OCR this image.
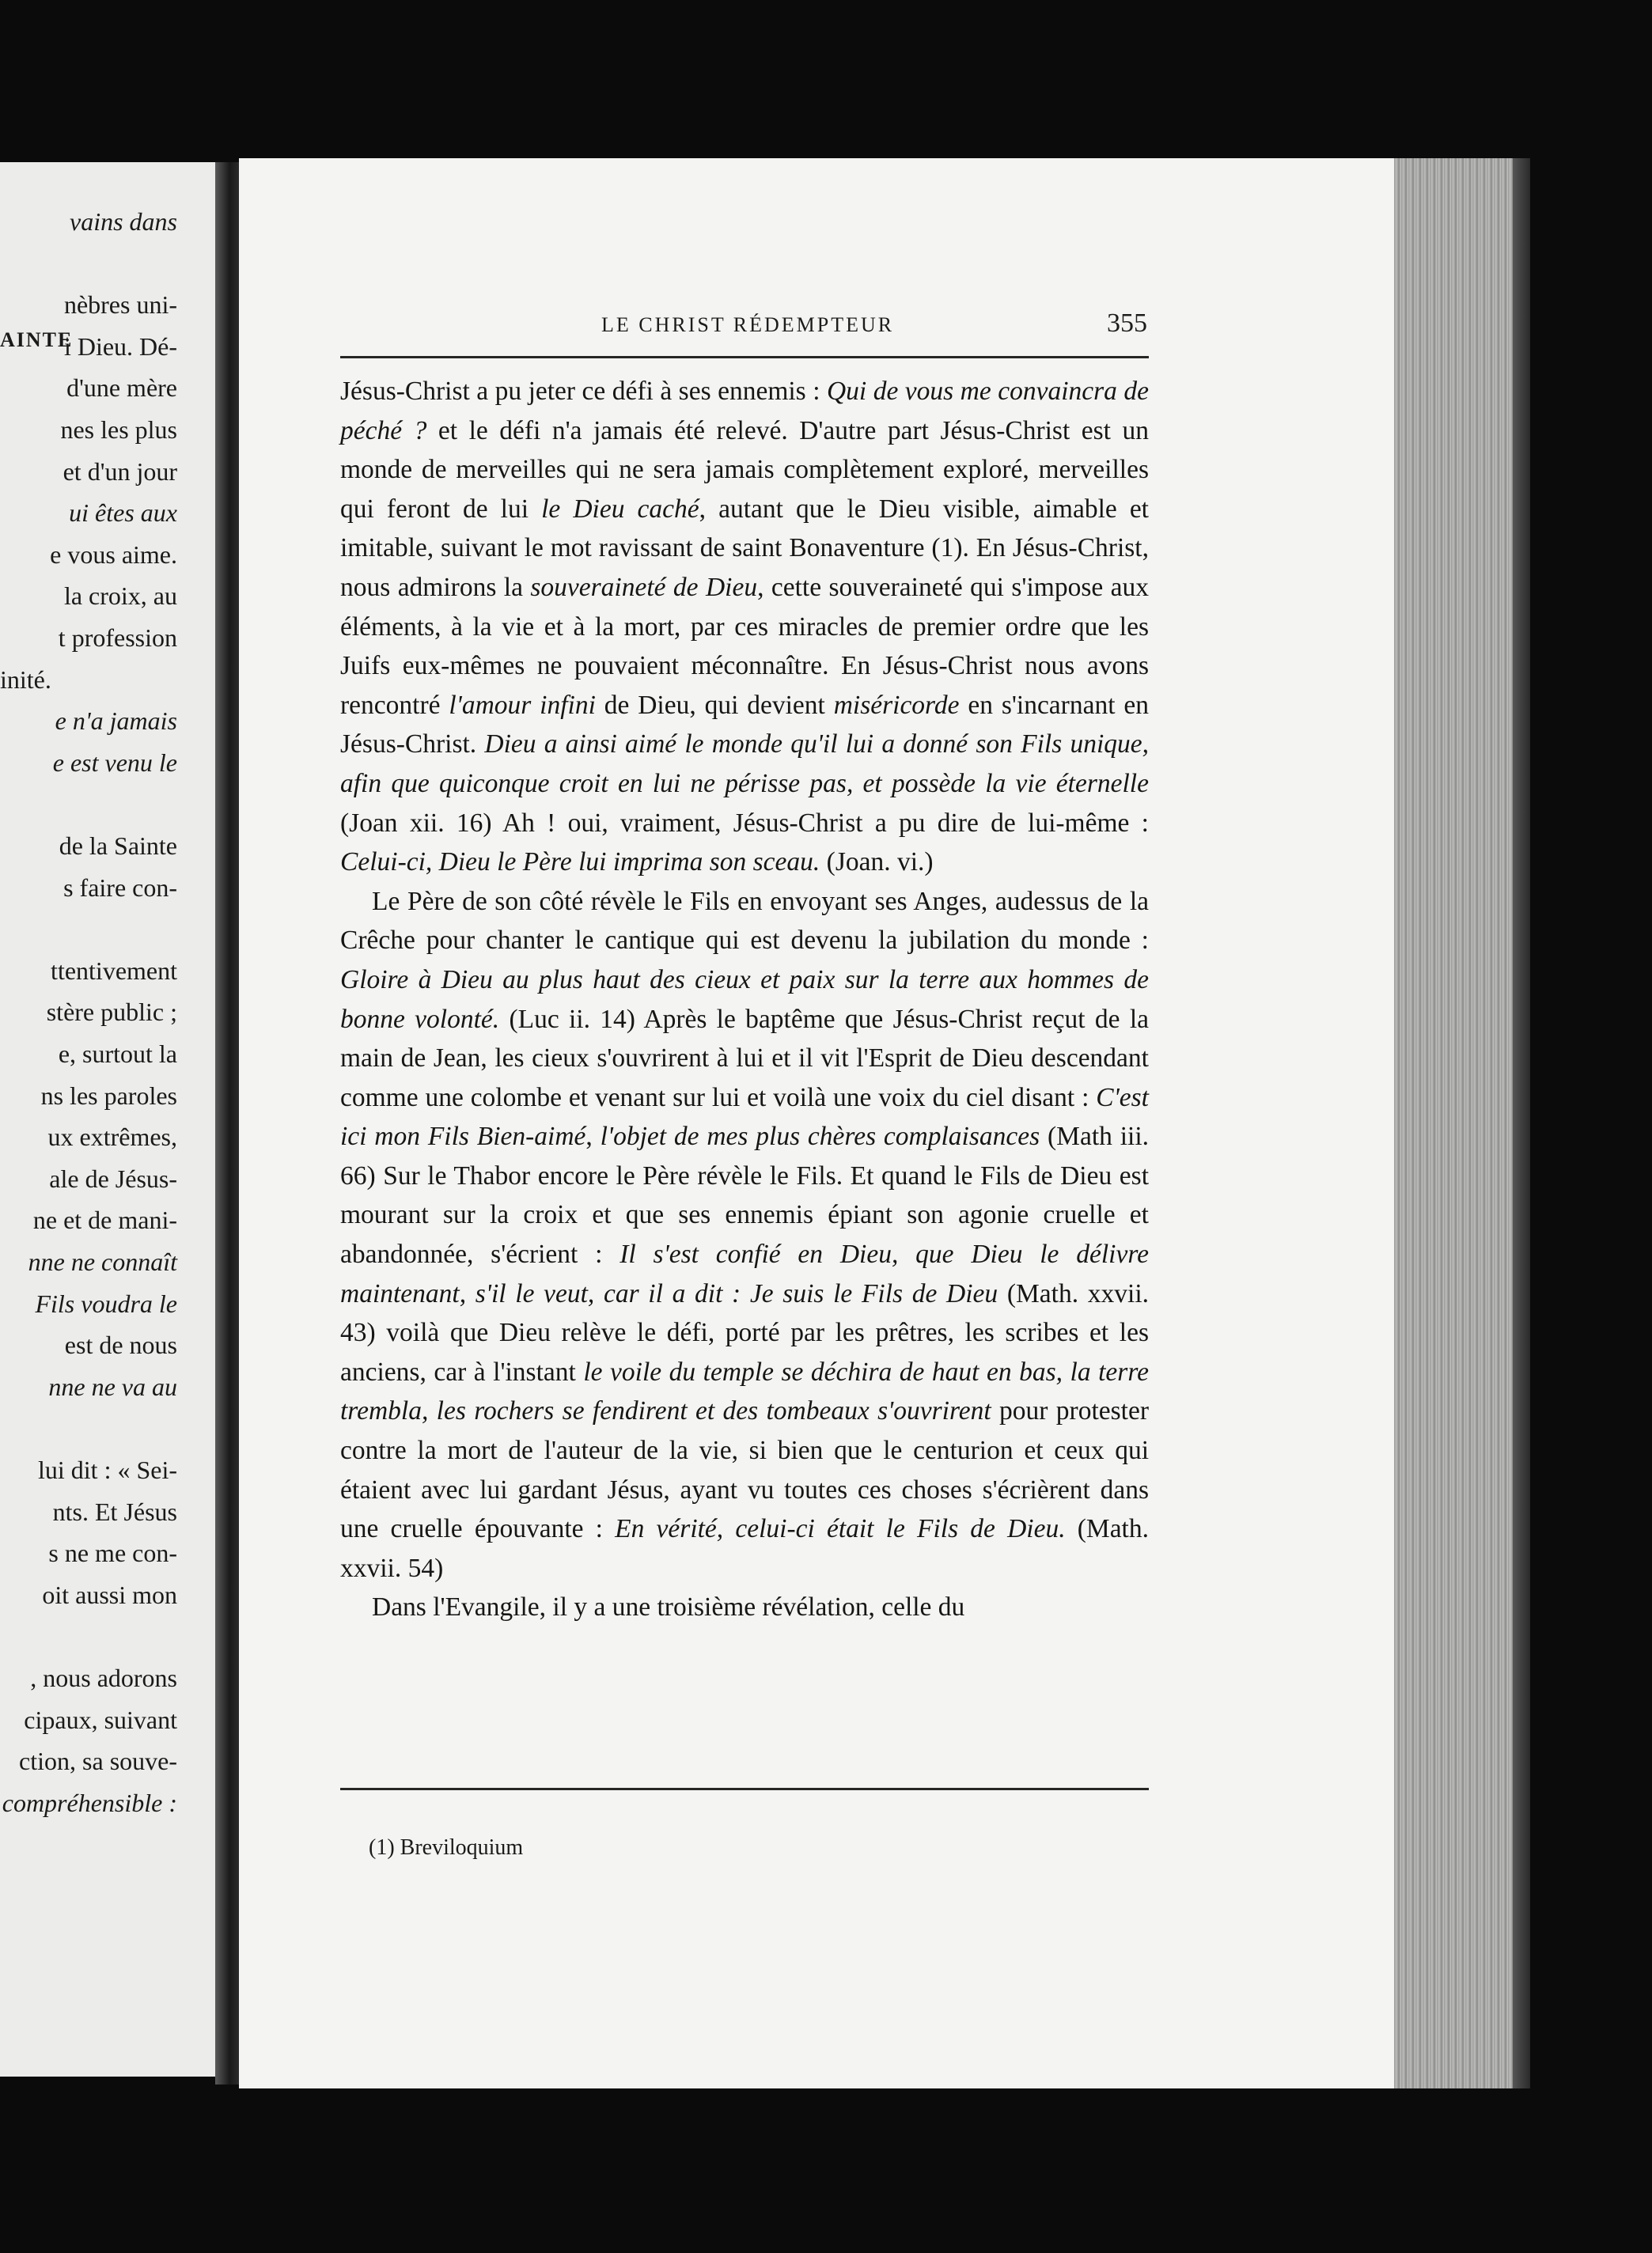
AINTE
vains dans
nèbres uni-
i Dieu. Dé-
d'une mère
nes les plus
et d'un jour
ui êtes aux
e vous aime.
la croix, au
t profession
inité.
e n'a jamais
e est venu le
de la Sainte
s faire con-
ttentivement
stère public ;
e, surtout la
ns les paroles
ux extrêmes,
ale de Jésus-
ne et de mani-
nne ne connaît
Fils voudra le
est de nous
nne ne va au
lui dit : « Sei-
nts. Et Jésus
s ne me con-
oit aussi mon
, nous adorons
cipaux, suivant
ction, sa souve-
compréhensible :
LE CHRIST RÉDEMPTEUR	355

Jésus-Christ a pu jeter ce défi à ses ennemis : Qui de vous me convaincra de péché ? et le défi n'a jamais été relevé. D'autre part Jésus-Christ est un monde de merveilles qui ne sera jamais complètement exploré, merveilles qui feront de lui le Dieu caché, autant que le Dieu visible, aimable et imitable, suivant le mot ravissant de saint Bonaventure (1). En Jésus-Christ, nous admirons la souveraineté de Dieu, cette souveraineté qui s'impose aux éléments, à la vie et à la mort, par ces miracles de premier ordre que les Juifs eux-mêmes ne pouvaient méconnaître. En Jésus-Christ nous avons rencontré l'amour infini de Dieu, qui devient miséricorde en s'incarnant en Jésus-Christ. Dieu a ainsi aimé le monde qu'il lui a donné son Fils unique, afin que quiconque croit en lui ne périsse pas, et possède la vie éternelle (Joan xii. 16) Ah ! oui, vraiment, Jésus-Christ a pu dire de lui-même : Celui-ci, Dieu le Père lui imprima son sceau. (Joan. vi.)

Le Père de son côté révèle le Fils en envoyant ses Anges, audessus de la Crêche pour chanter le cantique qui est devenu la jubilation du monde : Gloire à Dieu au plus haut des cieux et paix sur la terre aux hommes de bonne volonté. (Luc ii. 14) Après le baptême que Jésus-Christ reçut de la main de Jean, les cieux s'ouvrirent à lui et il vit l'Esprit de Dieu descendant comme une colombe et venant sur lui et voilà une voix du ciel disant : C'est ici mon Fils Bien-aimé, l'objet de mes plus chères complaisances (Math iii. 66) Sur le Thabor encore le Père révèle le Fils. Et quand le Fils de Dieu est mourant sur la croix et que ses ennemis épiant son agonie cruelle et abandonnée, s'écrient : Il s'est confié en Dieu, que Dieu le délivre maintenant, s'il le veut, car il a dit : Je suis le Fils de Dieu (Math. xxvii. 43) voilà que Dieu relève le défi, porté par les prêtres, les scribes et les anciens, car à l'instant le voile du temple se déchira de haut en bas, la terre trembla, les rochers se fendirent et des tombeaux s'ouvrirent pour protester contre la mort de l'auteur de la vie, si bien que le centurion et ceux qui étaient avec lui gardant Jésus, ayant vu toutes ces choses s'écrièrent dans une cruelle épouvante : En vérité, celui-ci était le Fils de Dieu. (Math. xxvii. 54)

Dans l'Evangile, il y a une troisième révélation, celle du

(1) Breviloquium
